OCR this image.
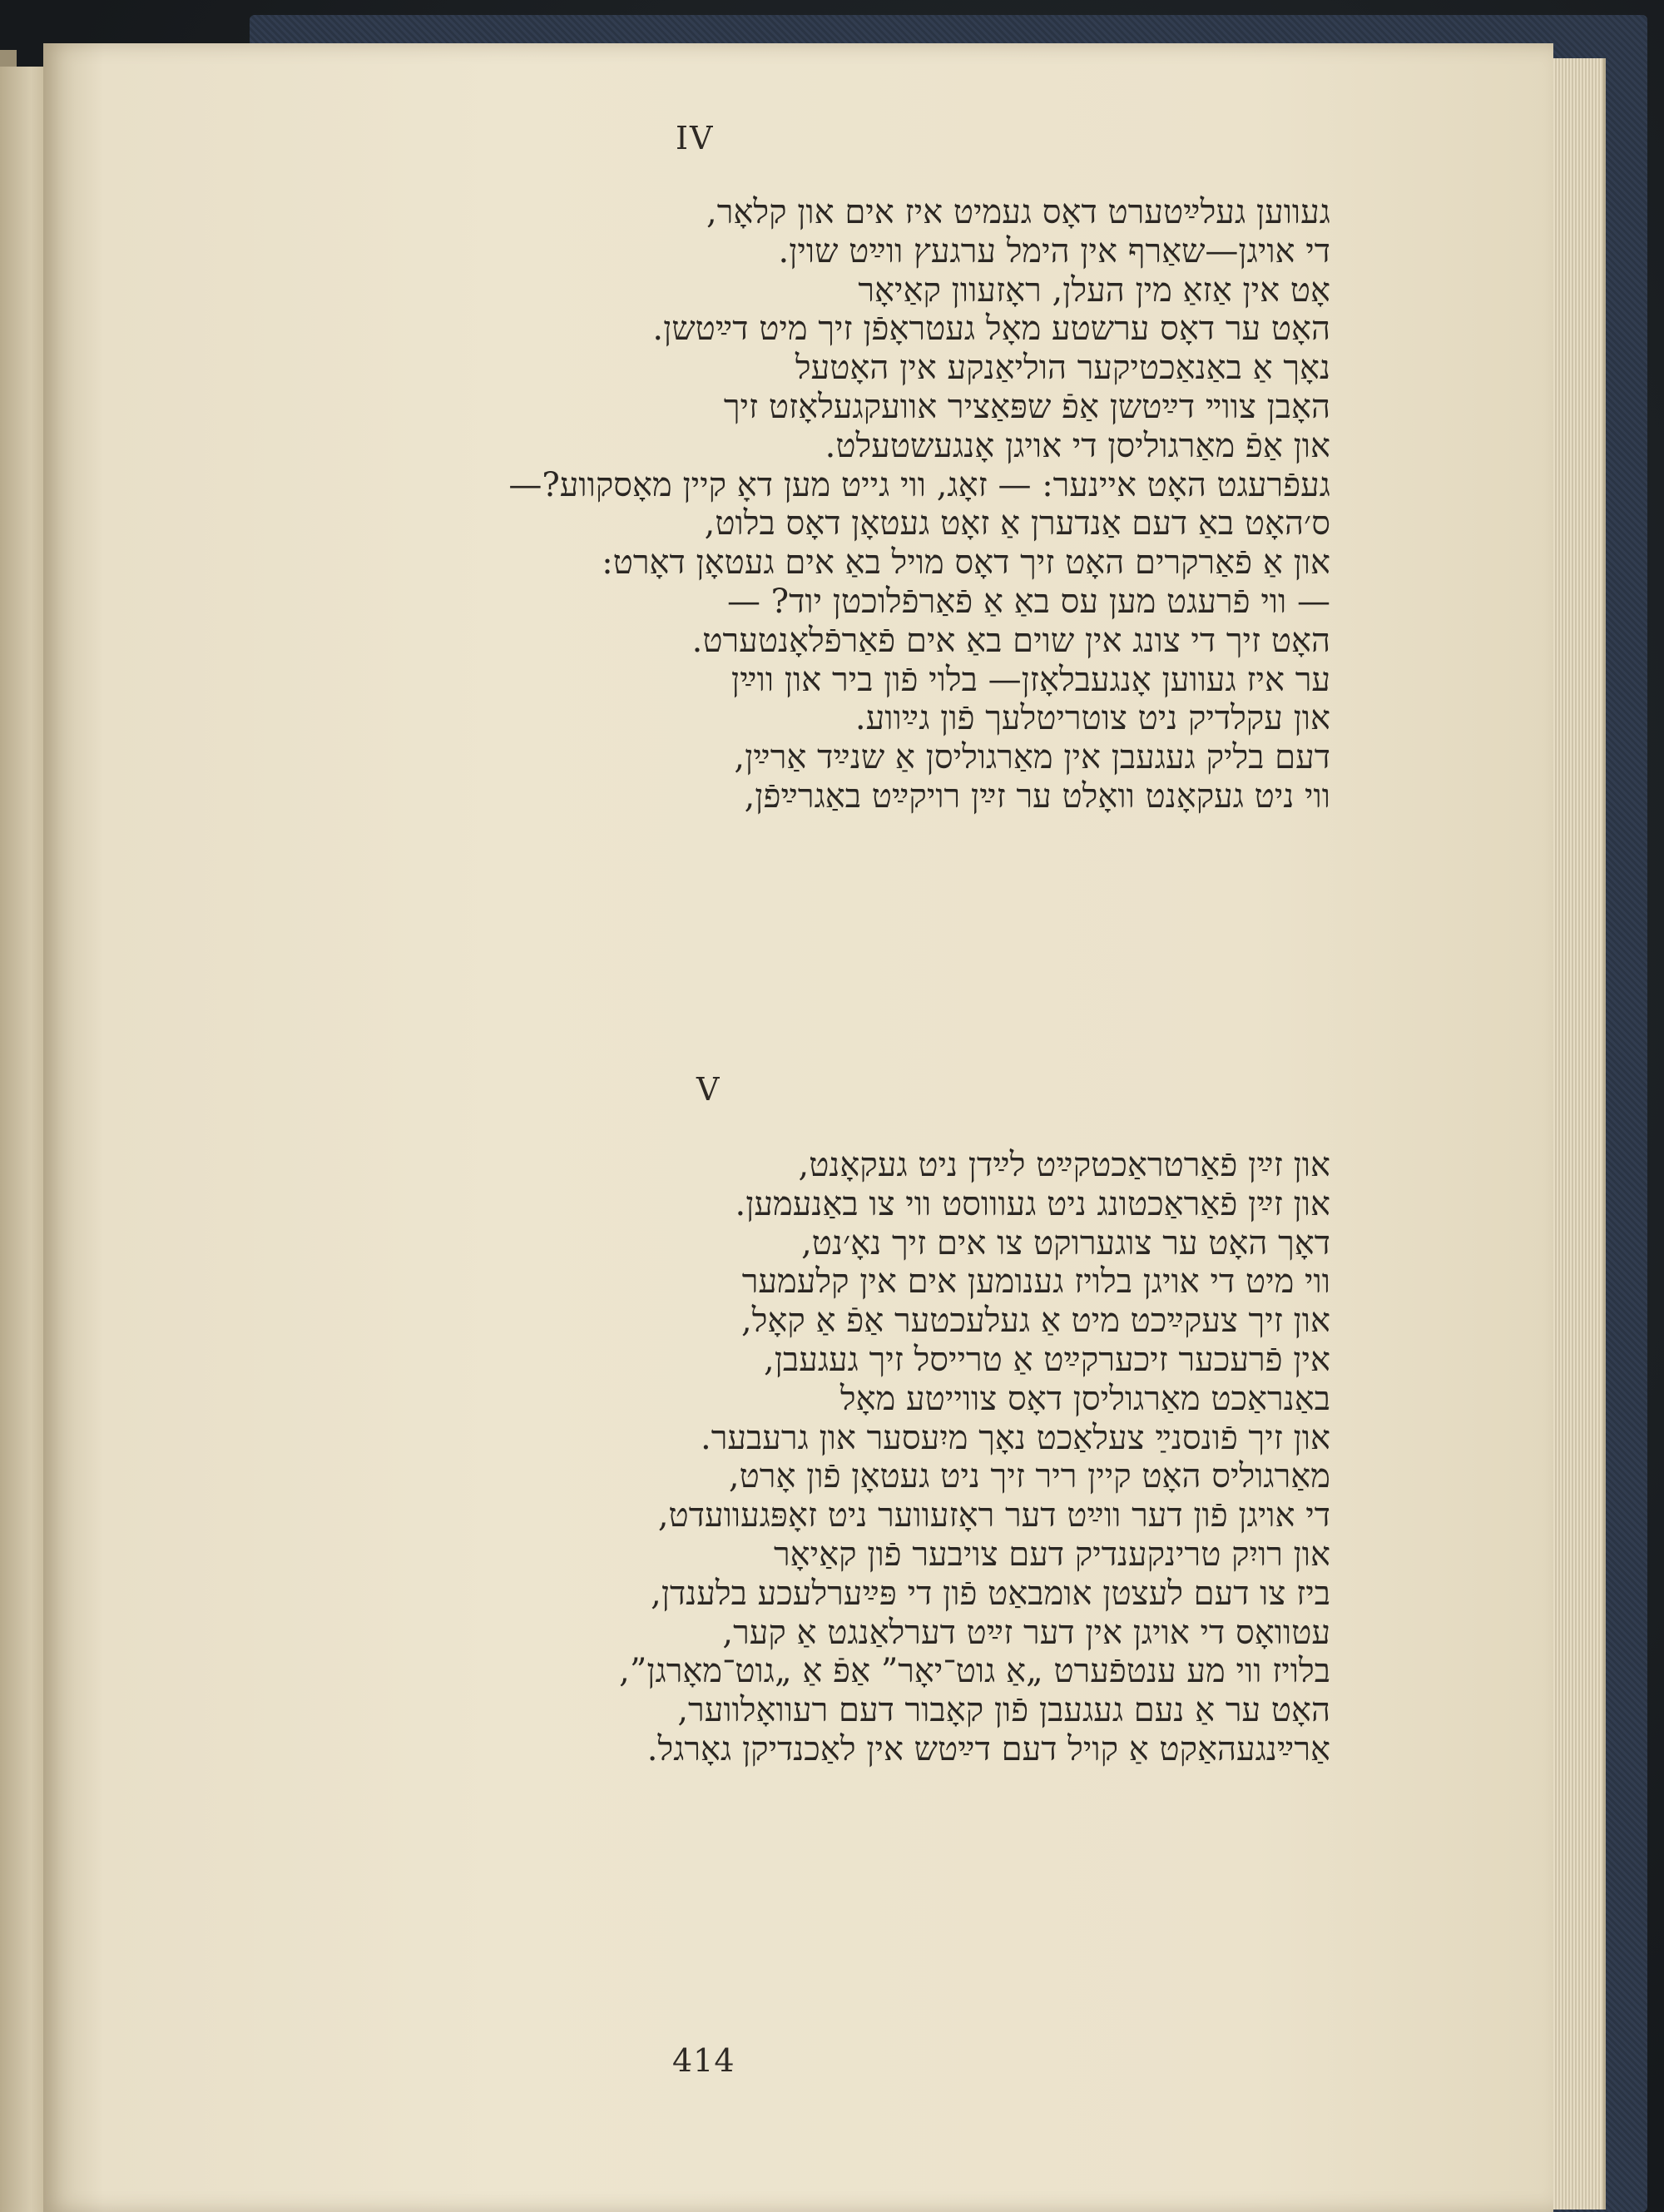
IV
געווען געלײַטערט דאָס געמיט איז אים און קלאָר,
די אויגן—שאַרף אין הימל ערגעץ ווײַט שוין.
אָט אין אַזאַ מין העלן, ראָזעוון קאַיאָר
האָט ער דאָס ערשטע מאָל געטראָפֿן זיך מיט דײַטשן.
נאָך אַ באַנאַכטיקער הוליאַנקע אין האָטעל
האָבן צווײ דײַטשן אַפֿ שפּאַציר אוועקגעלאָזט זיך
און אַפֿ מאַרגוליסן די אויגן אָנגעשטעלט.
געפֿרעגט האָט איינער: — זאָג, ווי גייט מען דאָ קיין מאָסקווע?—
ס׳האָט באַ דעם אַנדערן אַ זאָט געטאָן דאָס בלוט,
און אַ פֿאַרקרים האָט זיך דאָס מויל באַ אים געטאָן דאָרט:
— ווי פֿרעגט מען עס באַ אַ פֿאַרפֿלוכטן יוד? —
האָט זיך די צונג אין שוים באַ אים פֿאַרפֿלאָנטערט.
ער איז געווען אָנגעבלאָזן— בלוי פֿון ביר און ווײַן
און עקלדיק ניט צוטריטלעך פֿון גײַווע.
דעם בליק געגעבן אין מאַרגוליסן אַ שנײַד אַרײַן,
ווי ניט געקאָנט וואָלט ער זײַן רויקײַט באַגרײַפֿן,
V
און זײַן פֿאַרטראַכטקײַט לײַדן ניט געקאָנט,
און זײַן פֿאַראַכטונג ניט געוווסט ווי צו באַנעמען.
דאָך האָט ער צוגערוקט צו אים זיך נאָ׳נט,
ווי מיט די אויגן בלויז גענומען אים אין קלעמער
און זיך צעקײַכט מיט אַ געלעכטער אַפֿ אַ קאָל,
אין פֿרעכער זיכערקײַט אַ טרייסל זיך געגעבן,
באַנראַכט מאַרגוליסן דאָס צווייטע מאָל
און זיך פֿונסנײַ צעלאַכט נאָך מיִעסער און גרעבער.
מאַרגוליס האָט קיין ריר זיך ניט געטאָן פֿון אָרט,
די אויגן פֿון דער ווײַט דער ראָזעווער ניט זאָפּגעוועדט,
און רויִק טרינקענדיק דעם צויבער פֿון קאַיאָר
ביז צו דעם לעצטן אומבאַט פֿון די פּײַערלעכע בלענדן,
עטוואָס די אויגן אין דער זײַט דערלאַנגט אַ קער,
בלויז ווי מע ענטפֿערט „אַ גוט־יאָר” אַפֿ אַ „גוט־מאָרגן”,
האָט ער אַ נעם געגעבן פֿון קאָבור דעם רעוואָלווער,
אַרײַנגעהאַקט אַ קויל דעם דײַטש אין לאַכנדיקן גאָרגל.
414
